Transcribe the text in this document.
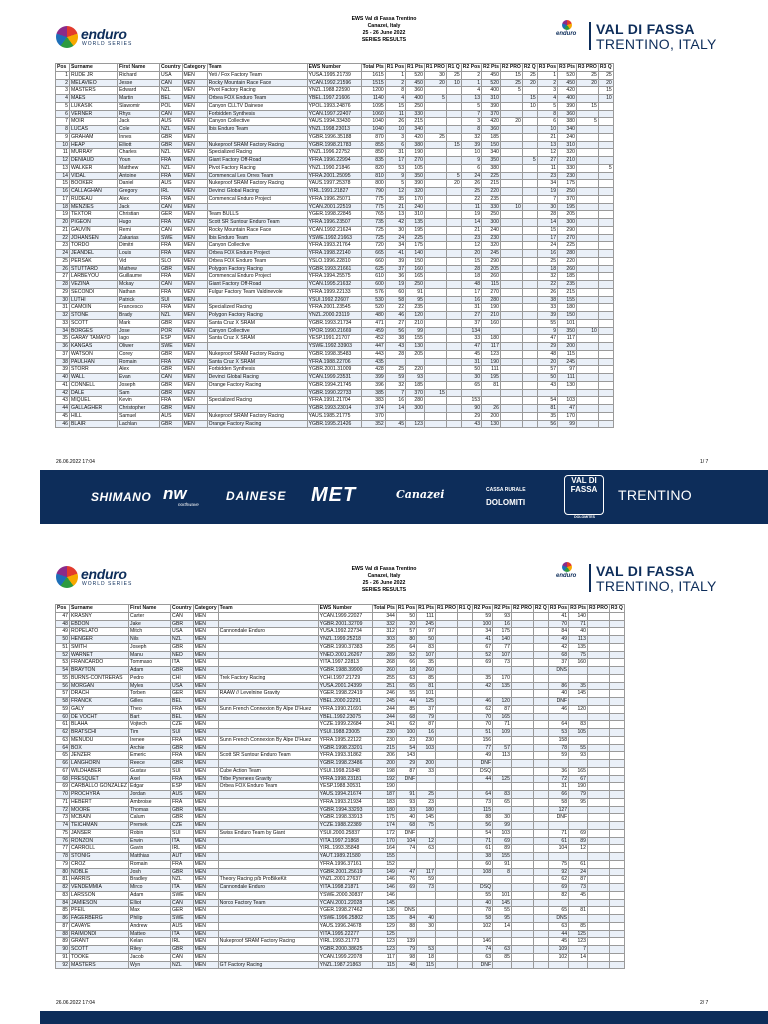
enduro
WORLD SERIES
EWS Val di Fassa Trentino
Canazei, Italy
25 - 26 June 2022
SERIES RESULTS
enduro VAL DI FASSA
TRENTINO, ITALY
Pos	Surname	First Name	Country	Category	Team	EWS Number	Total Pts	R1 Pos	R1 Pts	R1 PRO	R1 Q	R2 Pos	R2 Pts	R2 PRO	R2 Q	R3 Pos	R3 Pts	R3 PRO	R3 Q
1	RUDE JR	Richard	USA	MEN	Yeti / Fox Factory Team	YUSA.1995.21739	1615	1	520	30	25	2	450	15	25	1	520	25	25
2	MELAVIEO	Jesse	CAN	MEN	Rocky Mountain Race Face	YCAN.1992.21596	1515	2	450	20	10	1	520	25	20	2	450	20	20
3	MASTERS	Edward	NZL	MEN	Pivot Factory Racing	YNZL.1988.22590	1200	8	360			4	400	5		3	420		15
4	MAES	Martin	BEL	MEN	Orbea FOX Enduro Team	YBEL.1997.21606	1140	4	400	5		13	310		15	4	400		10
5	LUKASIK	Slawomir	POL	MEN	Canyon CLLTV Dainese	YPOL.1993.24876	1095	15	250			5	390		10	5	390	15	
6	VERNER	Rhys	CAN	MEN	Forbidden Synthesis	YCAN.1997.22407	1060	11	330			7	370			8	360		
7	MOIR	Jack	AUS	MEN	Canyon Collective	YAUS.1994.33430	1040	26	215			3	420	20		6	380	5	
8	LUCAS	Cole	NZL	MEN	Ibis Enduro Team	YNZL.1998.23013	1040	10	340			8	360			10	340		
9	GRAHAM	Innes	GBR	MEN		YGBR.1996.35188	870	3	420	25		32	185			21	240		
10	HEAP	Elliott	GBR	MEN	Nukeproof SRAM Factory Racing	YGBR.1998.21783	855	6	380		15	39	150			13	310		
11	MURRAY	Charles	NZL	MEN	Specialized Racing	YNZL.1996.22752	850	31	190			10	340			12	320		
12	DENIAUD	Youn	FRA	MEN	Giant Factory Off-Road	YFRA.1996.22994	835	17	270			9	350		5	27	210		
13	WALKER	Matthew	NZL	MEN	Pivot Factory Racing	YNZL.1990.21846	820	53	105			6	380			11	330		5
14	VIDAL	Antoine	FRA	MEN	Commencal Les Orres Team	YFRA.2001.25095	810	9	350		5	24	225			23	230		
15	BOOKER	Daniel	AUS	MEN	Nukeproof SRAM Factory Racing	YAUS.1997.25378	800	5	390		20	26	215			34	175		
16	CALLAGHAN	Gregory	IRL	MEN	Devinci Global Racing	YIRL.1991.21827	790	12	320			25	220			19	250		
17	RUDEAU	Alex	FRA	MEN	Commencal Enduro Project	YFRA.1996.25071	775	35	170			22	235			7	370		
18	MENZIES	Jack	CAN	MEN		YCAN.2001.22519	775	21	240			11	330	10		30	195		
19	TEXTOR	Christian	GER	MEN	Team BULLS	YGER.1998.22845	765	13	310			19	250			28	205		
20	PIGEON	Hugo	FRA	MEN	Scott SR Suntour Enduro Team	YFRA.1996.23507	735	42	135			14	300			14	300		
21	GAUVIN	Remi	CAN	MEN	Rocky Mountain Race Face	YCAN.1992.21624	725	30	195			21	240			15	290		
22	JOHANSEN	Zakarias	SWE	MEN	Ibis Enduro Team	YSWE.1992.21663	725	24	225			23	230			17	270		
23	TORDO	Dimitri	FRA	MEN	Canyon Collective	YFRA.1993.21764	720	34	175			12	320			24	225		
24	JEANDEL	Louis	FRA	MEN	Orbea FOX Enduro Project	YFRA.1998.22140	665	41	140			20	245			16	280		
25	PERSAK	Vid	SLO	MEN	Orbea FOX Enduro Team	YSLO.1996.22810	660	39	150			15	290			25	220		
26	STUTTARD	Mathew	GBR	MEN	Polygon Factory Racing	YGBR.1993.21661	625	37	160			28	205			18	260		
27	LARBEYOU	Guillaume	FRA	MEN	Commencal Enduro Project	YFRA.1994.25575	610	36	165			18	260			32	185		
28	VEZINA	Mckay	CAN	MEN	Giant Factory Off-Road	YCAN.1995.21632	600	19	250			48	115			22	235		
29	SECONDI	Nathan	FRA	MEN	Fulgur Factory Team Valdinevole	YFRA.1999.22133	576	60	91			17	270			26	215		
30	LUTHI	Patrick	SUI	MEN		YSUI.1992.22607	530	58	95			16	280			38	155		
31	CAMOIN	Francesco	FRA	MEN	Specialized Racing	YFRA.2001.23545	520	22	235			31	190			33	180		
32	STONE	Brady	NZL	MEN	Polygon Factory Racing	YNZL.2000.23119	480	46	120			27	210			39	150		
33	SCOTT	Mark	GBR	MEN	Santa Cruz X SRAM	YGBR.1993.21734	471	27	210			37	160			55	101		
34	BORGES	Jose	POR	MEN	Canyon Collective	YPOR.1990.21669	459	56	99			134				9	350	10	
35	GARAY TAMAYO	Iago	ESP	MEN	Santa Cruz X SRAM	YESP.1991.21707	452	38	155			33	180			47	117		
36	KANGAS	Oliwer	SWE	MEN		YSWE.1992.33903	447	43	130			47	117			29	200		
37	WATSON	Corey	GBR	MEN	Nukeproof SRAM Factory Racing	YGBR.1998.35483	443	28	205			45	123			48	115		
38	PAULHAN	Romain	FRA	MEN	Santa Cruz X SRAM	YFRA.1988.22706	435					31	190			20	245		
39	STORR	Alex	GBR	MEN	Forbidden Synthesis	YGBR.2001.31009	428	25	220			50	111			57	97		
40	WALL	Evan	CAN	MEN	Devinci Global Racing	YCAN.1999.23531	399	59	93			30	195			50	111		
41	CONNELL	Joseph	GBR	MEN	Orange Factory Racing	YGBR.1994.21745	396	32	185			65	81			43	130		
42	DALE	Sam	GBR	MEN		YGBR.1990.22733	385	7	370	15									
43	MIQUEL	Kevin	FRA	MEN	Specialized Racing	YFRA.1991.21704	383	16	280			153				54	103		
44	GALLAGHER	Christopher	GBR	MEN		YGBR.1993.23014	374	14	300			90	26			81	47		
45	HILL	Samuel	AUS	MEN	Nukeproof SRAM Factory Racing	YAUS.1985.21775	370					29	200			35	170		
46	BLAIR	Lachlan	GBR	MEN	Orange Factory Racing	YGBR.1995.21426	352	45	123			43	130			56	99		
26.06.2022 17:04	1/ 7
SHIMANO nw
northwave
DAINESE MET	Canazei	CASSA RURALE
DOLOMITI
VAL DI FASSA
DOLOMITES
TRENTINO
enduro
WORLD SERIES
EWS Val di Fassa Trentino
Canazei, Italy
25 - 26 June 2022
SERIES RESULTS
enduro VAL DI FASSA
TRENTINO, ITALY
Pos	Surname	First Name	Country	Category	Team	EWS Number	Total Pts	R1 Pos	R1 Pts	R1 PRO	R1 Q	R2 Pos	R2 Pts	R2 PRO	R2 Q	R3 Pos	R3 Pts	R3 PRO	R3 Q
47	KRASNY	Carter	CAN	MEN		YCAN.1999.22027	344	50	111			59	93			41	140		
48	EBDON	Jake	GBR	MEN		YGBR.2001.32709	332	20	245			100	16			70	71		
49	ROPELATO	Mitch	USA	MEN	Cannondale Enduro	YUSA.1992.22734	312	57	97			34	175			84	40		
50	HENGER	Nils	NZL	MEN		YNZL.1999.25218	303	80	50			41	140			49	113		
51	SMITH	Joseph	GBR	MEN		YGBR.1990.37383	295	64	83			67	77			42	135		
52	WARNET	Manu	NED	MEN		YNED.2001.26267	289	52	107			52	107			68	75		
53	FRANCARDO	Tommaso	ITA	MEN		YITA.1997.22813	268	66	35			69	73			37	160		
54	BRAYTON	Adam	GBR	MEN		YGBR.1988.39900	260	18	260							DNS			
55	BURNS-CONTRERAS	Pedro	CHI	MEN	Trek Factory Racing	YCHI.1997.21729	255	63	85			35	170						
56	MORGAN	Myles	USA	MEN		YUSA.2001.24399	251	65	81			42	135			86	35		
57	DRACH	Torben	GER	MEN	RAAW // Levelnine Gravity	YGER.1998.22419	246	55	101							40	145		
58	FRANCK	Gilles	BEL	MEN		YBEL.2000.22291	245	44	125			46	120			DNF			
59	GALY	Theo	FRA	MEN	Sunn French Connexion By Alpe D'Huez	YFRA.1990.21691	244	85	37			62	87			46	120		
60	DE VOCHT	Bart	BEL	MEN		YBEL.1992.23075	244	68	79			70	165						
61	BLAHA	Vojtech	CZE	MEN		YCZE.1999.22684	241	62	87			70	71			64	83		
62	BRATSCHI	Tim	SUI	MEN		YSUI.1988.23005	230	100	16			51	109			53	105		
63	MENUDU	Irenee	FRA	MEN	Sunn French Connexion By Alpe D'Huez	YFRA.1995.22122	230	23	230			156				158			
64	BOX	Archie	GBR	MEN		YGBR.1998.23201	215	54	103			77	57			78	55		
65	JENZER	Emeric	FRA	MEN	Scott SR Suntour Enduro Team	YFRA.1993.31862	206	143				49	113			59	93		
66	LANGHORN	Reece	GBR	MEN		YGBR.1998.23486	200	29	200			DNF							
67	WILDHABER	Gustav	SUI	MEN	Cube Action Team	YSUI.1998.21848	198	87	33			DSQ				36	165		
68	FRESQUET	Axel	FRA	MEN	Tribe Pyrenees Gravity	YFRA.1998.23181	192	DNF				44	125			72	67		
69	CARBALLO GONZALEZ	Edgar	ESP	MEN	Orbea FOX Enduro Team	YESP.1988.30531	190									31	190		
70	PROCHYRA	Jordan	AUS	MEN		YAUS.1994.21674	187	91	25			64	83			66	79		
71	HEBERT	Ambroise	FRA	MEN		YFRA.1993.21934	183	93	23			73	65			58	95		
72	MOORE	Thomas	GBR	MEN		YGBR.1994.33293	180	33	180			115				127			
73	MCBAIN	Calum	GBR	MEN		YGBR.1998.33913	175	40	145			88	30			DNF			
74	TEICHMAN	Premek	CZE	MEN		YCZE.1988.22389	174	68	75			56	99						
75	JANSER	Robin	SUI	MEN	Swiss Enduro Team by Giant	YSUI.2000.25837	172	DNF				54	103			71	69		
76	RONZON	Erwin	ITA	MEN		YITA.1997.21868	170	104	12			71	69			61	89		
77	CARROLL	Gavin	IRL	MEN		YIRL.1993.35848	164	74	63			61	89			104	12		
78	STONIG	Matthias	AUT	MEN		YAUT.1989.21580	155					38	155						
79	CROZ	Romain	FRA	MEN		YFRA.1996.37161	152					60	91			75	61		
80	NOBLE	Josh	GBR	MEN		YGBR.2001.25619	149	47	117			108	8			92	24		
81	HARRIS	Bradley	NZL	MEN	Theory Racing p/b ProBikeKit	YNZL.2001.27637	146	76	59							62	87		
82	VENDEMMIA	Mirco	ITA	MEN	Cannondale Enduro	YITA.1998.21871	146	69	73			DSQ				69	73		
83	LARSSON	Adam	SWE	MEN		YSWE.2000.30837	146					55	101			82	45		
84	JAMIESON	Elliot	CAN	MEN	Norco Factory Team	YCAN.2001.22028	145					40	145						
85	PFEIL	Max	GER	MEN		YGER.1998.27462	136	DNS				78	55			65	81		
86	FAGERBERG	Philip	SWE	MEN		YSWE.1996.25802	135	84	40			58	95			DNS			
87	CAVAYE	Andrew	AUS	MEN		YAUS.1996.24678	129	88	30			102	14			63	85		
88	RAIMONDI	Matteo	ITA	MEN		YITA.1995.22277	125									44	125		
89	GRANT	Kelan	IRL	MEN	Nukeproof SRAM Factory Racing	YIRL.1993.21773	123	139				146				45	123		
90	SCOTT	Riley	GBR	MEN		YGBR.2000.38625	123	79	53			74	63			109	7		
91	TOOKE	Jacob	CAN	MEN		YCAN.1999.22078	117	98	18			63	85			102	14		
92	MASTERS	Wyn	NZL	MEN	GT Factory Racing	YNZL.1987.21863	115	48	115			DNF							
26.06.2022 17:04	2/ 7
